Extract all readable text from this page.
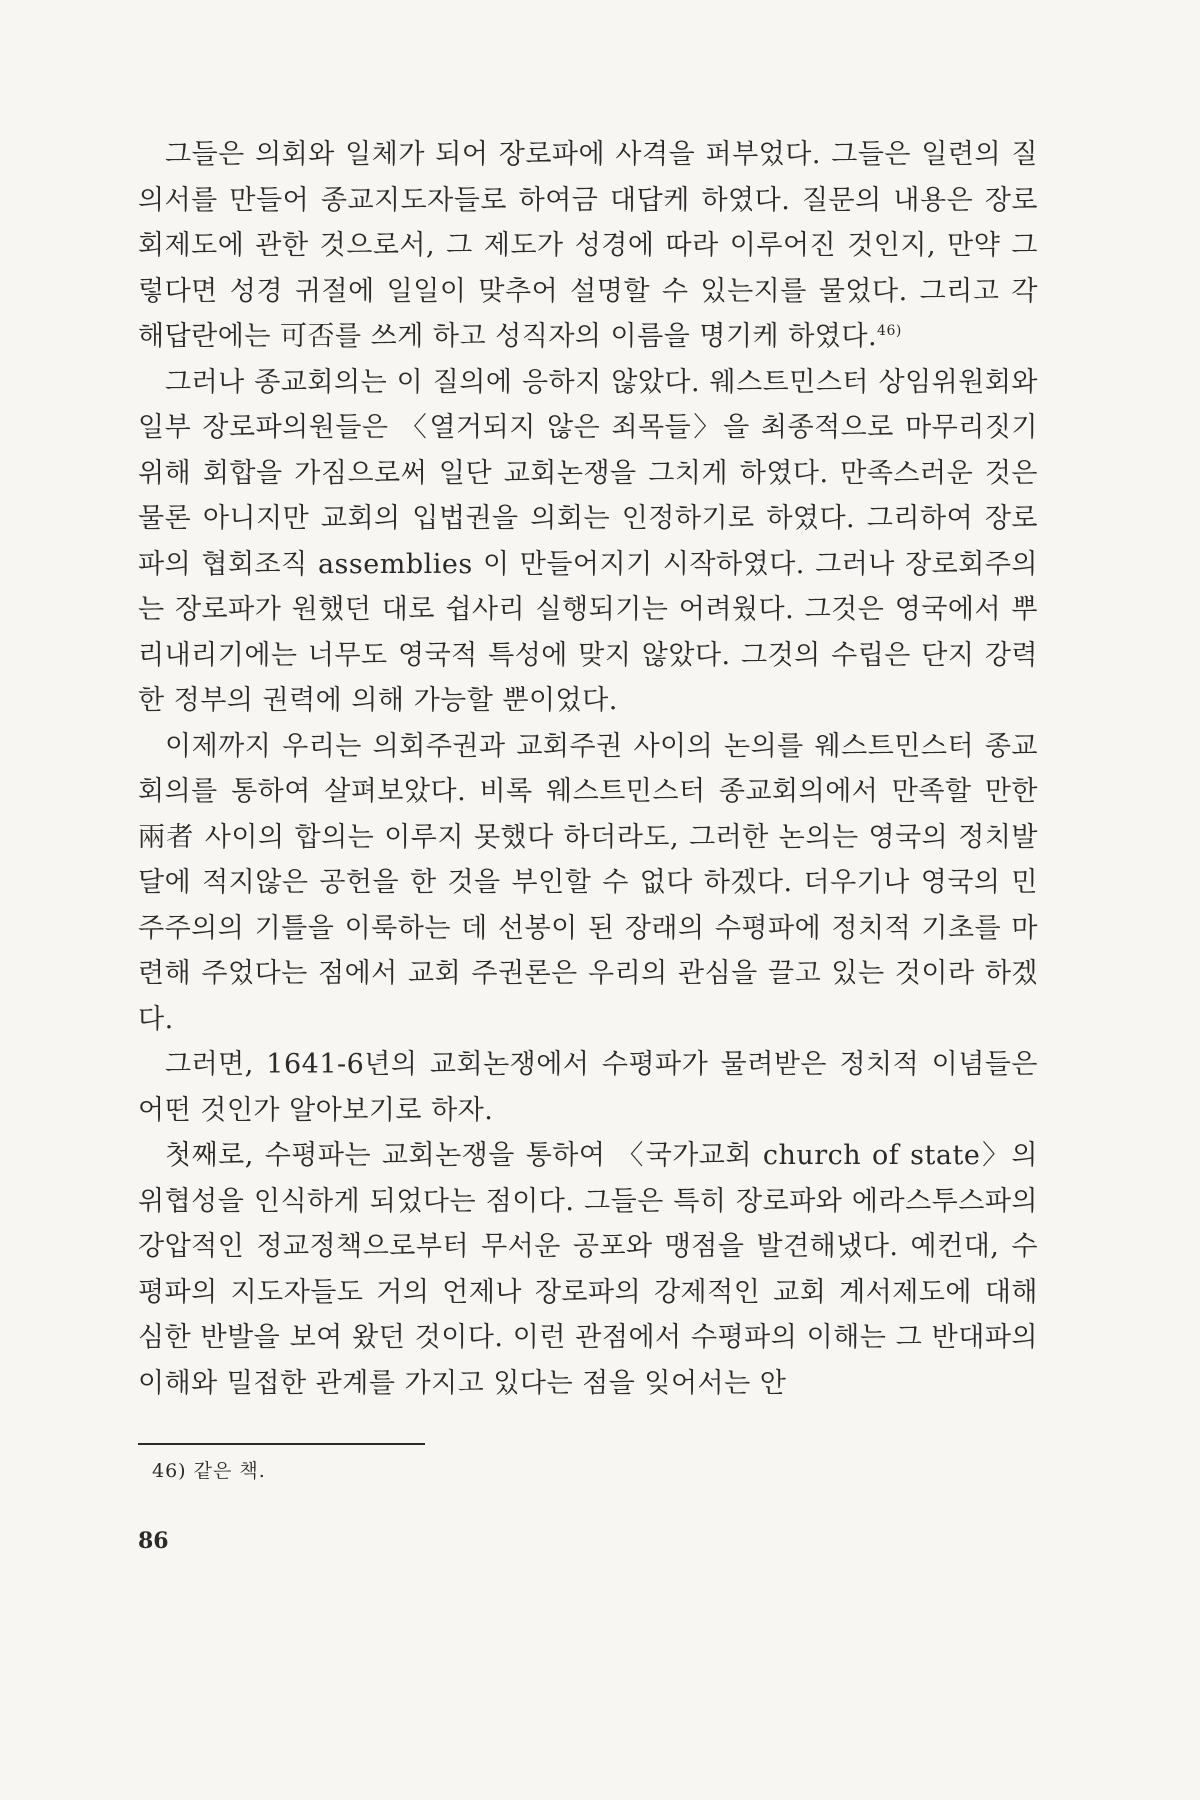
그들은 의회와 일체가 되어 장로파에 사격을 퍼부었다. 그들은 일련의 질의서를 만들어 종교지도자들로 하여금 대답케 하였다. 질문의 내용은 장로회제도에 관한 것으로서, 그 제도가 성경에 따라 이루어진 것인지, 만약 그렇다면 성경 귀절에 일일이 맞추어 설명할 수 있는지를 물었다. 그리고 각 해답란에는 可否를 쓰게 하고 성직자의 이름을 명기케 하였다.$^{46)}$

그러나 종교회의는 이 질의에 응하지 않았다. 웨스트민스터 상임위원회와 일부 장로파의원들은 〈열거되지 않은 죄목들〉을 최종적으로 마무리짓기 위해 회합을 가짐으로써 일단 교회논쟁을 그치게 하였다. 만족스러운 것은 물론 아니지만 교회의 입법권을 의회는 인정하기로 하였다. 그리하여 장로파의 협회조직 assemblies 이 만들어지기 시작하였다. 그러나 장로회주의는 장로파가 원했던 대로 쉽사리 실행되기는 어려웠다. 그것은 영국에서 뿌리내리기에는 너무도 영국적 특성에 맞지 않았다. 그것의 수립은 단지 강력한 정부의 권력에 의해 가능할 뿐이었다.

이제까지 우리는 의회주권과 교회주권 사이의 논의를 웨스트민스터 종교회의를 통하여 살펴보았다. 비록 웨스트민스터 종교회의에서 만족할 만한 兩者 사이의 합의는 이루지 못했다 하더라도, 그러한 논의는 영국의 정치발달에 적지않은 공헌을 한 것을 부인할 수 없다 하겠다. 더우기나 영국의 민주주의의 기틀을 이룩하는 데 선봉이 된 장래의 수평파에 정치적 기초를 마련해 주었다는 점에서 교회 주권론은 우리의 관심을 끌고 있는 것이라 하겠다.

그러면, 1641-6년의 교회논쟁에서 수평파가 물려받은 정치적 이념들은 어떤 것인가 알아보기로 하자.

첫째로, 수평파는 교회논쟁을 통하여 〈국가교회 church of state〉의 위협성을 인식하게 되었다는 점이다. 그들은 특히 장로파와 에라스투스파의 강압적인 정교정책으로부터 무서운 공포와 맹점을 발견해냈다. 예컨대, 수평파의 지도자들도 거의 언제나 장로파의 강제적인 교회 계서제도에 대해 심한 반발을 보여 왔던 것이다. 이런 관점에서 수평파의 이해는 그 반대파의 이해와 밀접한 관계를 가지고 있다는 점을 잊어서는 안

46) 같은 책.
86
